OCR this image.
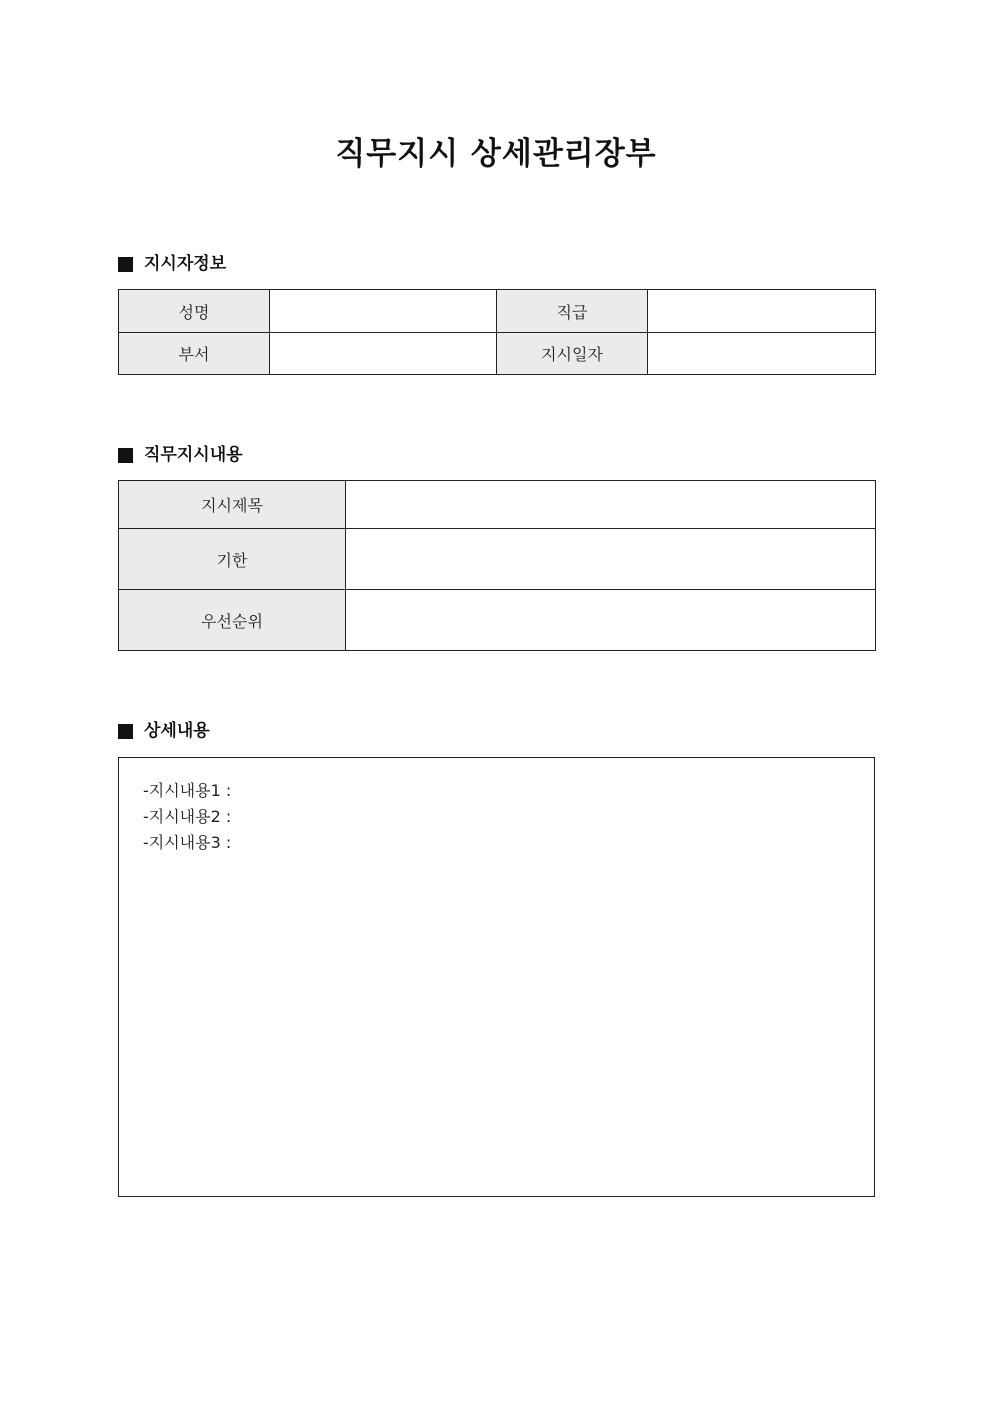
직무지시 상세관리장부
지시자정보
성명		직급	
부서		지시일자	
직무지시내용
지시제목	
기한	
우선순위	
상세내용
-지시내용1 :
-지시내용2 :
-지시내용3 :
